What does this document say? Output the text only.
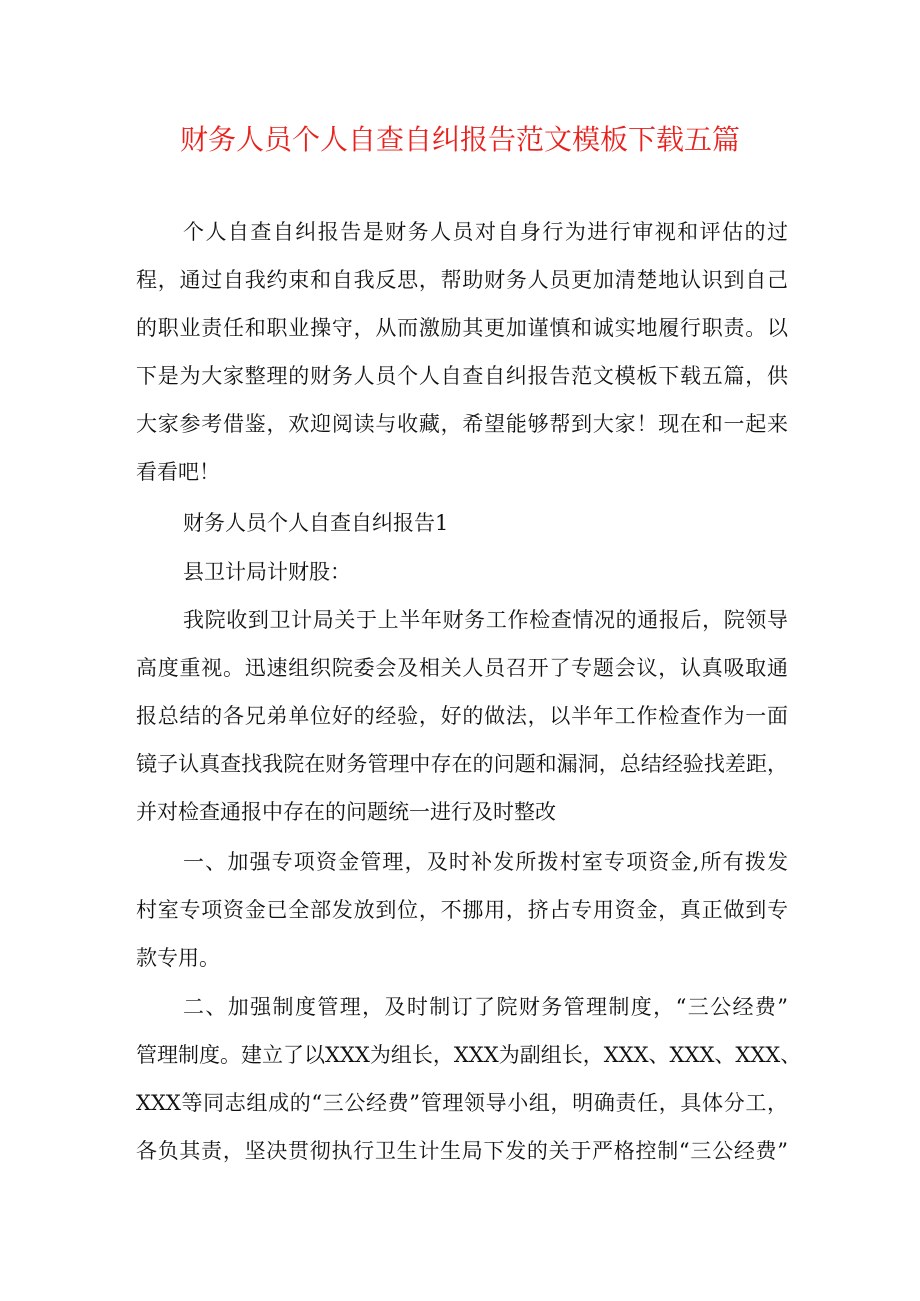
财务人员个人自查自纠报告范文模板下载五篇
个人自查自纠报告是财务人员对自身行为进行审视和评估的过
程，通过自我约束和自我反思，帮助财务人员更加清楚地认识到自己
的职业责任和职业操守，从而激励其更加谨慎和诚实地履行职责。以
下是为大家整理的财务人员个人自查自纠报告范文模板下载五篇，供
大家参考借鉴，欢迎阅读与收藏，希望能够帮到大家！现在和一起来
看看吧！
财务人员个人自查自纠报告1
县卫计局计财股：
我院收到卫计局关于上半年财务工作检查情况的通报后，院领导
高度重视。迅速组织院委会及相关人员召开了专题会议，认真吸取通
报总结的各兄弟单位好的经验，好的做法，以半年工作检查作为一面
镜子认真查找我院在财务管理中存在的问题和漏洞，总结经验找差距，
并对检查通报中存在的问题统一进行及时整改
一、加强专项资金管理，及时补发所拨村室专项资金,所有拨发
村室专项资金已全部发放到位，不挪用，挤占专用资金，真正做到专
款专用。
二、加强制度管理，及时制订了院财务管理制度，“三公经费”
管理制度。建立了以XXX为组长，XXX为副组长，XXX、XXX、XXX、
XXX等同志组成的“三公经费”管理领导小组，明确责任，具体分工，
各负其责，坚决贯彻执行卫生计生局下发的关于严格控制“三公经费”
